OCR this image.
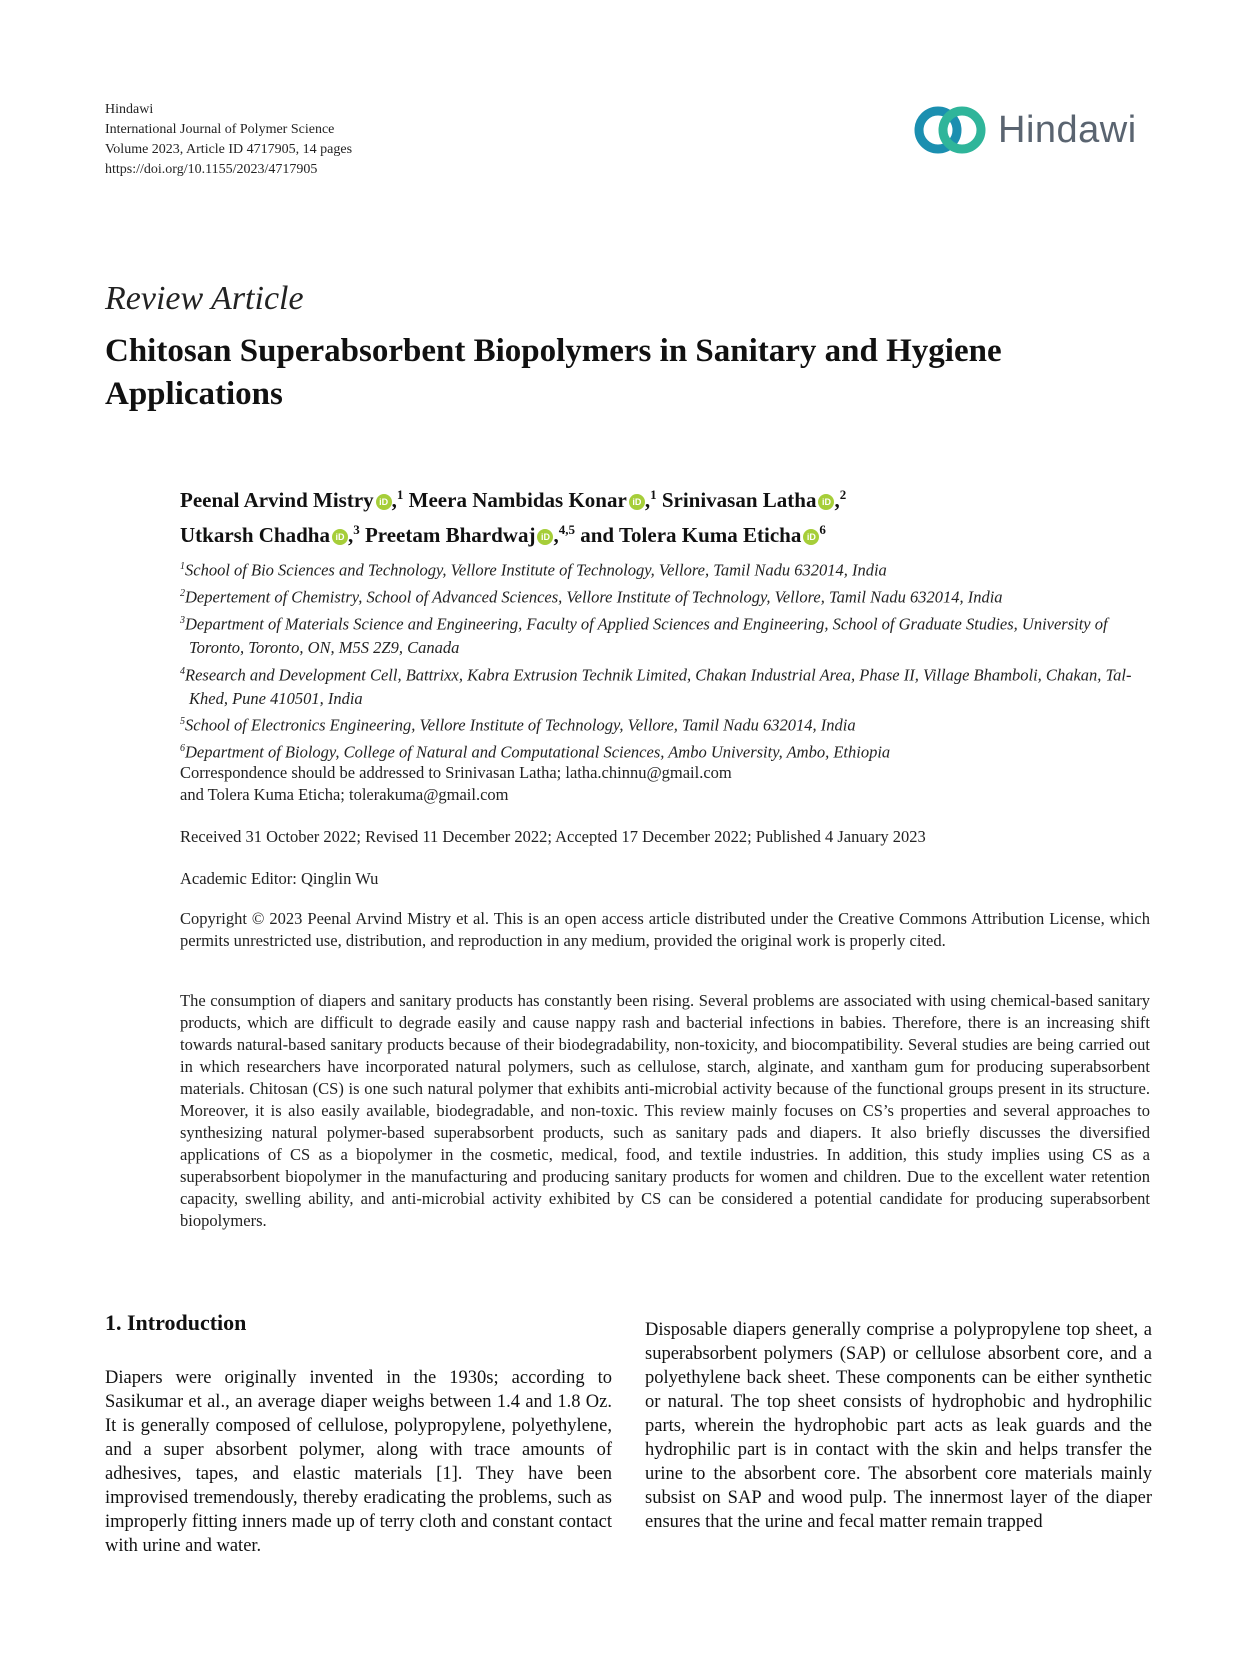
Hindawi
International Journal of Polymer Science
Volume 2023, Article ID 4717905, 14 pages
https://doi.org/10.1155/2023/4717905
Hindawi
Review Article
Chitosan Superabsorbent Biopolymers in Sanitary and Hygiene Applications
Peenal Arvind Mistry iD ,$^1$ Meera Nambidas Konar iD ,$^1$ Srinivasan Latha iD ,$^2$
Utkarsh Chadha iD ,$^3$ Preetam Bhardwaj iD ,$^{4,5}$ and Tolera Kuma Eticha $iD^6$
$^1$School of Bio Sciences and Technology, Vellore Institute of Technology, Vellore, Tamil Nadu 632014, India
$^2$Depertement of Chemistry, School of Advanced Sciences, Vellore Institute of Technology, Vellore, Tamil Nadu 632014, India
$^3$Department of Materials Science and Engineering, Faculty of Applied Sciences and Engineering, School of Graduate Studies, University of Toronto, Toronto, ON, M5S 2Z9, Canada
$^4$Research and Development Cell, Battrixx, Kabra Extrusion Technik Limited, Chakan Industrial Area, Phase II, Village Bhamboli, Chakan, Tal-Khed, Pune 410501, India
$^5$School of Electronics Engineering, Vellore Institute of Technology, Vellore, Tamil Nadu 632014, India
$^6$Department of Biology, College of Natural and Computational Sciences, Ambo University, Ambo, Ethiopia
Correspondence should be addressed to Srinivasan Latha; latha.chinnu@gmail.com
and Tolera Kuma Eticha; tolerakuma@gmail.com
Received 31 October 2022; Revised 11 December 2022; Accepted 17 December 2022; Published 4 January 2023
Academic Editor: Qinglin Wu
Copyright © 2023 Peenal Arvind Mistry et al. This is an open access article distributed under the Creative Commons Attribution License, which permits unrestricted use, distribution, and reproduction in any medium, provided the original work is properly cited.
The consumption of diapers and sanitary products has constantly been rising. Several problems are associated with using chemical-based sanitary products, which are difficult to degrade easily and cause nappy rash and bacterial infections in babies. Therefore, there is an increasing shift towards natural-based sanitary products because of their biodegradability, non-toxicity, and biocompatibility. Several studies are being carried out in which researchers have incorporated natural polymers, such as cellulose, starch, alginate, and xantham gum for producing superabsorbent materials. Chitosan (CS) is one such natural polymer that exhibits anti-microbial activity because of the functional groups present in its structure. Moreover, it is also easily available, biodegradable, and non-toxic. This review mainly focuses on CS’s properties and several approaches to synthesizing natural polymer-based superabsorbent products, such as sanitary pads and diapers. It also briefly discusses the diversified applications of CS as a biopolymer in the cosmetic, medical, food, and textile industries. In addition, this study implies using CS as a superabsorbent biopolymer in the manufacturing and producing sanitary products for women and children. Due to the excellent water retention capacity, swelling ability, and anti-microbial activity exhibited by CS can be considered a potential candidate for producing superabsorbent biopolymers.
1. Introduction
Diapers were originally invented in the 1930s; according to Sasikumar et al., an average diaper weighs between 1.4 and 1.8 Oz. It is generally composed of cellulose, polypropylene, polyethylene, and a super absorbent polymer, along with trace amounts of adhesives, tapes, and elastic materials [1]. They have been improvised tremendously, thereby eradicating the problems, such as improperly fitting inners made up of terry cloth and constant contact with urine and water.
Disposable diapers generally comprise a polypropylene top sheet, a superabsorbent polymers (SAP) or cellulose absorbent core, and a polyethylene back sheet. These components can be either synthetic or natural. The top sheet consists of hydrophobic and hydrophilic parts, wherein the hydrophobic part acts as leak guards and the hydrophilic part is in contact with the skin and helps transfer the urine to the absorbent core. The absorbent core materials mainly subsist on SAP and wood pulp. The innermost layer of the diaper ensures that the urine and fecal matter remain trapped
